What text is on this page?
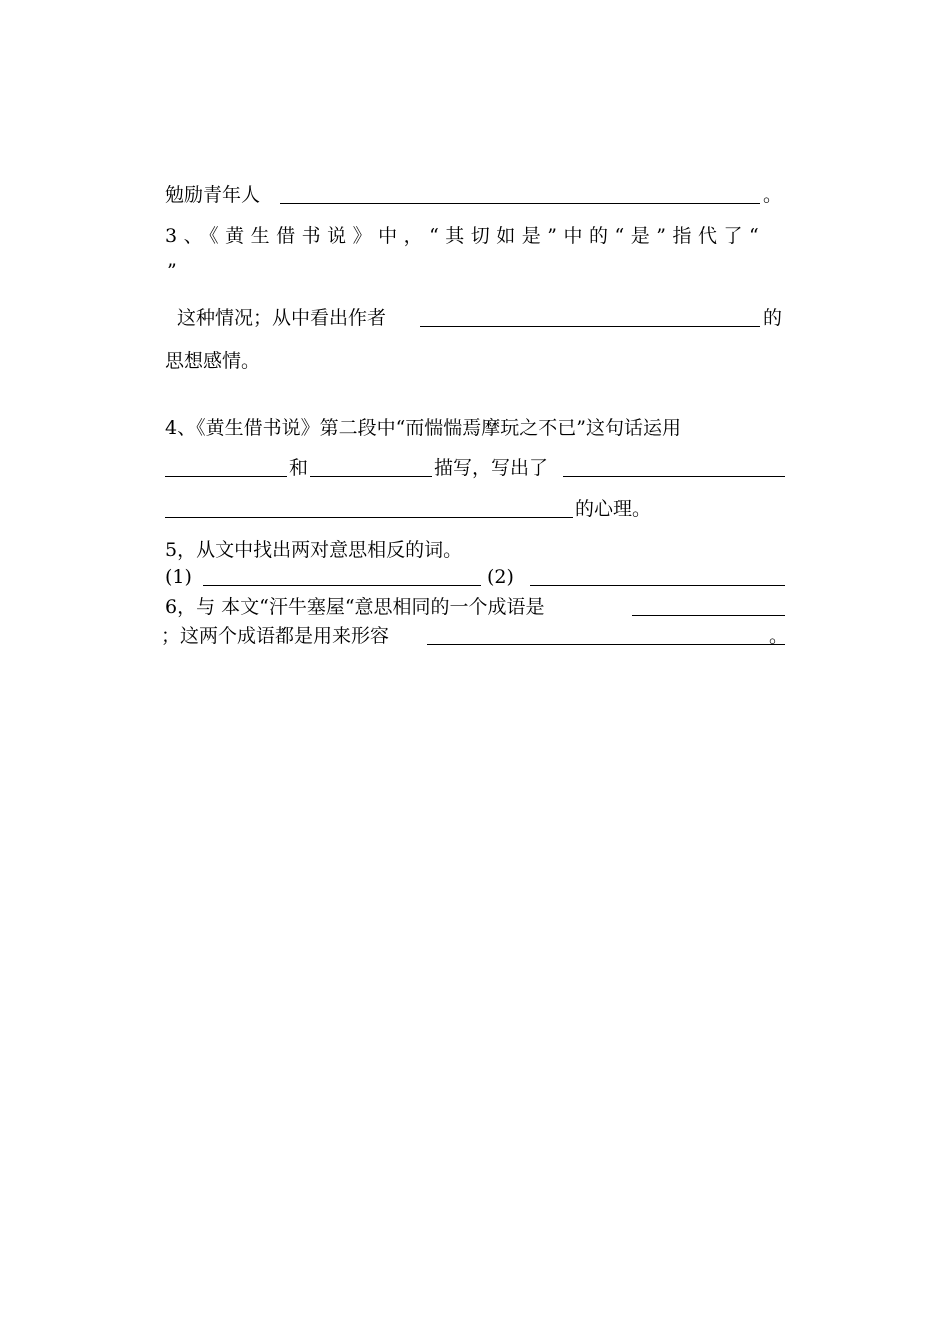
勉励青年人	。
3、《黄生借书说》中，“其切如是”中的“是”指代了“
”
这种情况；从中看出作者	的
思想感情。
4、《黄生借书说》第二段中“而惴惴焉摩玩之不已”这句话运用
和	描写，写出了
的心理。
5，从文中找出两对意思相反的词。
(1)	(2)
6，与 本文“汗牛塞屋“意思相同的一个成语是
；这两个成语都是用来形容	。
